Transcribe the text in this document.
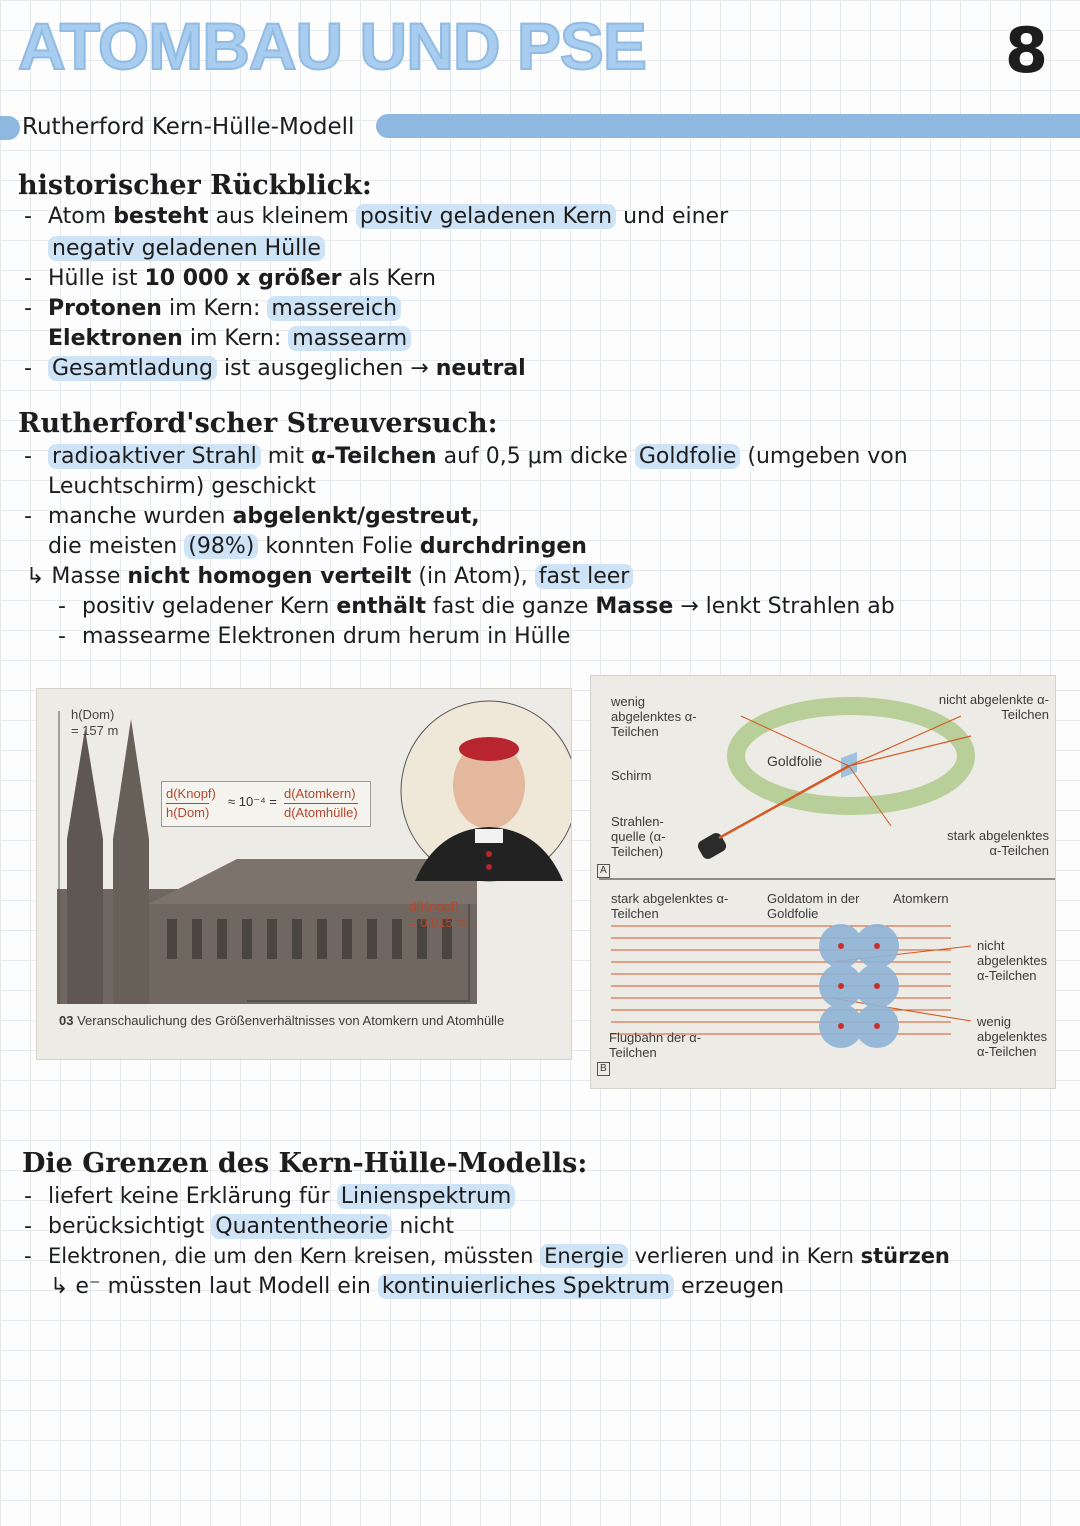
ATOMBAU UND PSE	8
Rutherford Kern-Hülle-Modell
historischer Rückblick:
- Atom besteht aus kleinem positiv geladenen Kern und einer
negativ geladenen Hülle
- Hülle ist 10 000 x größer als Kern
- Protonen im Kern: massereich
Elektronen im Kern: massearm
- Gesamtladung ist ausgeglichen → neutral
Rutherford'scher Streuversuch:
- radioaktiver Strahl mit α-Teilchen auf 0,5 μm dicke Goldfolie (umgeben von
Leuchtschirm) geschickt
- manche wurden abgelenkt/gestreut,
die meisten (98%) konnten Folie durchdringen
↳ Masse nicht homogen verteilt (in Atom), fast leer
- positiv geladener Kern enthält fast die ganze Masse → lenkt Strahlen ab
- massearme Elektronen drum herum in Hülle
h(Dom)
= 157 m
d(Knopf)
h(Dom)
≈ 10⁻⁴ =
d(Atomkern)
d(Atomhülle)
d(Knopf)
= 0,015 m
03 Veranschaulichung des Größenverhältnisses von Atomkern und Atomhülle
wenig abgelenktes α-Teilchen
nicht abgelenkte α-Teilchen
Goldfolie
Schirm
Strahlen-quelle (α-Teilchen)
stark abgelenktes α-Teilchen
A
stark abgelenktes α-Teilchen
Goldatom in der Goldfolie
Atomkern
nicht abgelenktes α-Teilchen
wenig abgelenktes α-Teilchen
Flugbahn der α-Teilchen
B
Die Grenzen des Kern-Hülle-Modells:
- liefert keine Erklärung für Linienspektrum
- berücksichtigt Quantentheorie nicht
- Elektronen, die um den Kern kreisen, müssten Energie verlieren und in Kern stürzen
↳ e⁻ müssten laut Modell ein kontinuierliches Spektrum erzeugen
